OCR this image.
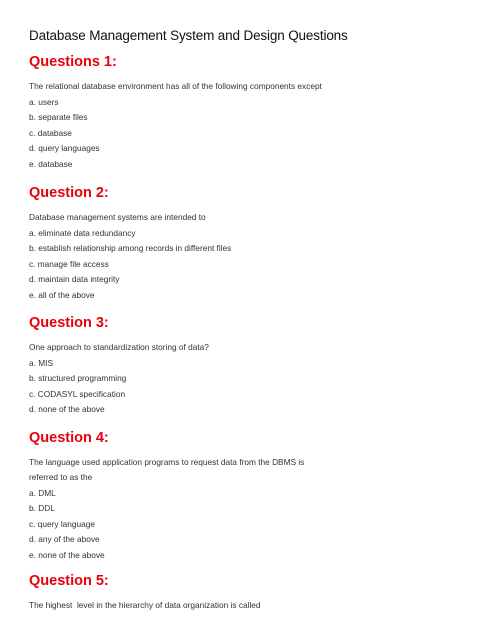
Database Management System and Design Questions
Questions 1:
The relational database environment has all of the following components except
a. users
b. separate files
c. database
d. query languages
e. database
Question 2:
Database management systems are intended to
a. eliminate data redundancy
b. establish relationship among records in different files
c. manage file access
d. maintain data integrity
e. all of the above
Question 3:
One approach to standardization storing of data?
a. MIS
b. structured programming
c. CODASYL specification
d. none of the above
Question 4:
The language used application programs to request data from the DBMS is referred to as the
a. DML
b. DDL
c. query language
d. any of the above
e. none of the above
Question 5:
The highest  level in the hierarchy of data organization is called
